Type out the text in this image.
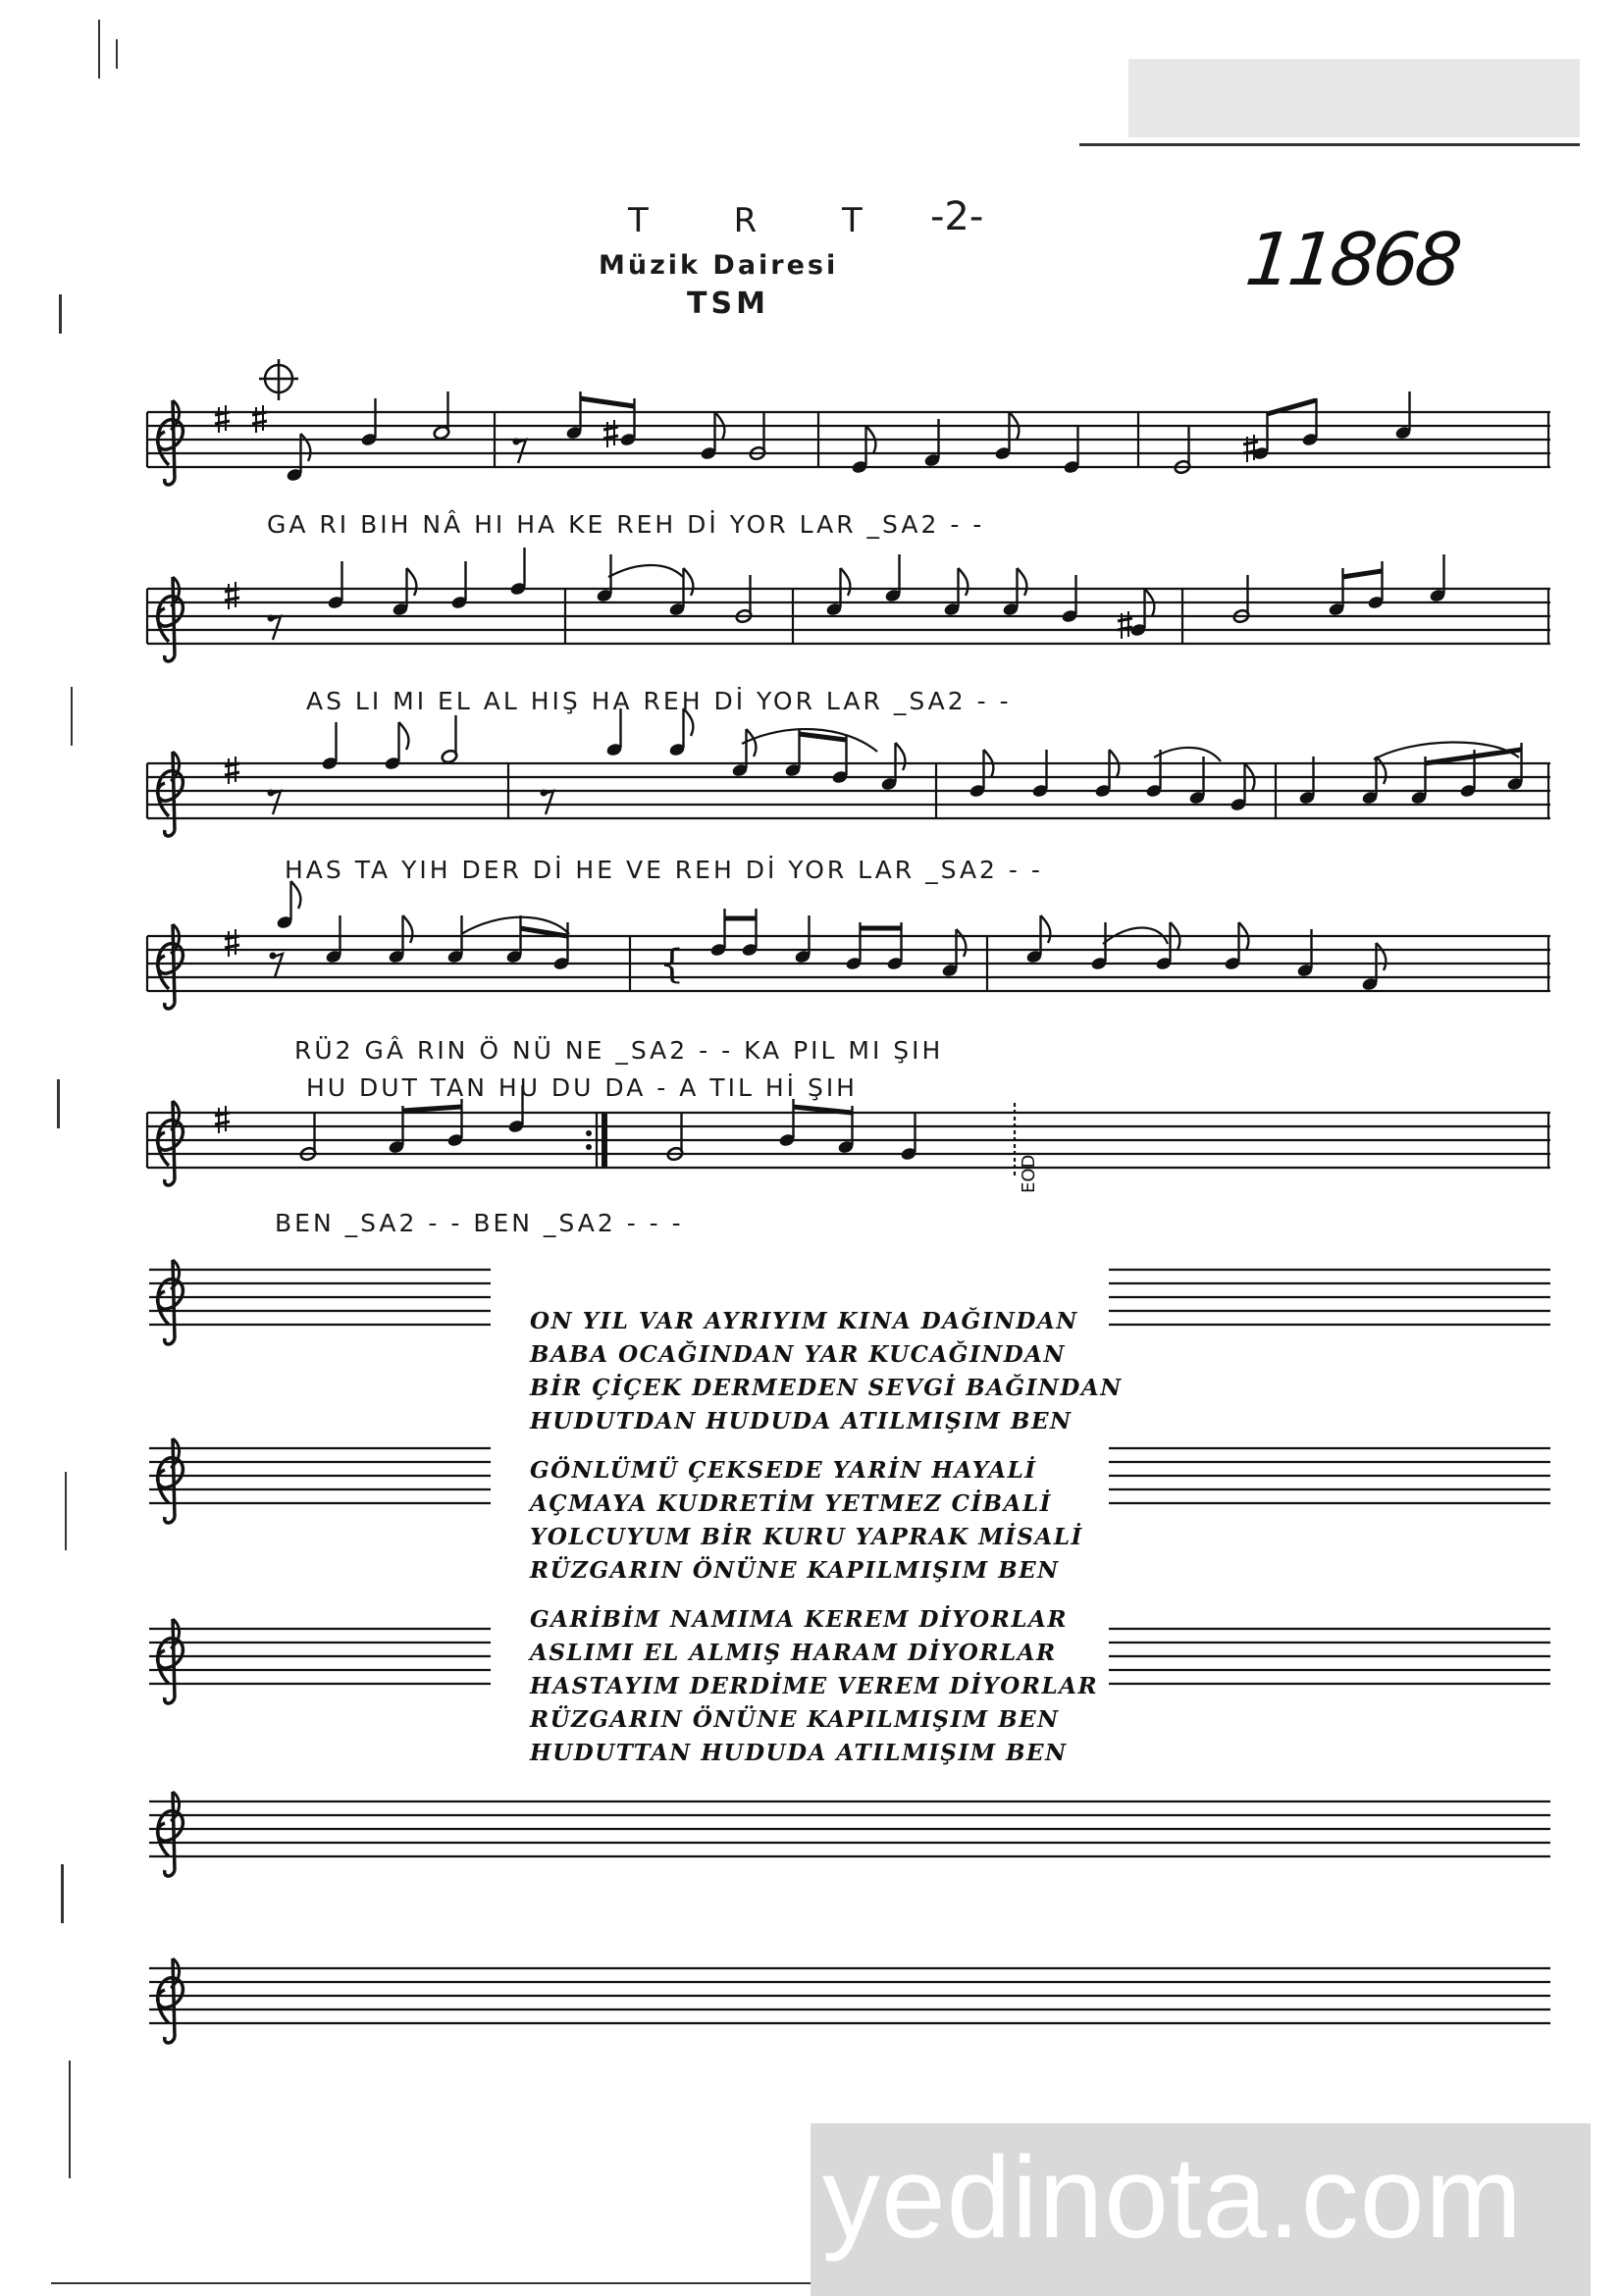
T R T -2-
Müzik Dairesi
TSM
11868
{
EOD
GA RI BIH NÂ HI HA KE REH Dİ YOR LAR _SA2 - -
AS LI MI EL AL HIŞ HA REH Dİ YOR LAR _SA2 - -
HAS TA YIH DER Dİ HE VE REH Dİ YOR LAR _SA2 - -
RÜ2 GÂ RIN Ö NÜ NE _SA2 - - KA PIL MI ŞIH
HU DUT TAN HU DU DA - A TIL Hİ ŞIH
BEN _SA2 - - BEN _SA2 - - -
ON YIL VAR AYRIYIM KINA DAĞINDAN
BABA OCAĞINDAN YAR KUCAĞINDAN
BİR ÇİÇEK DERMEDEN SEVGİ BAĞINDAN
HUDUTDAN HUDUDA ATILMIŞIM BEN
GÖNLÜMÜ ÇEKSEDE YARİN HAYALİ
AÇMAYA KUDRETİM YETMEZ CİBALİ
YOLCUYUM BİR KURU YAPRAK MİSALİ
RÜZGARIN ÖNÜNE KAPILMIŞIM BEN
GARİBİM NAMIMA KEREM DİYORLAR
ASLIMI EL ALMIŞ HARAM DİYORLAR
HASTAYIM DERDİME VEREM DİYORLAR
RÜZGARIN ÖNÜNE KAPILMIŞIM BEN
HUDUTTAN HUDUDA ATILMIŞIM BEN
yedinota.com
